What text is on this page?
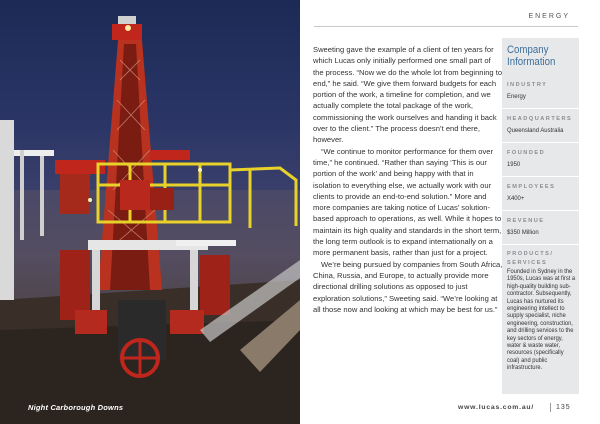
Night Carborough Downs
ENERGY

Sweeting gave the example of a client of ten years for which Lucas only initially performed one small part of the process. “Now we do the whole lot from beginning to end,” he said. “We give them forward budgets for each portion of the work, a timeline for completion, and we actually complete the total package of the work, commissioning the work ourselves and handing it back over to the client.” The process doesn’t end there, however.

“We continue to monitor performance for them over time,” he continued. “Rather than saying ‘This is our portion of the work’ and being happy with that in isolation to everything else, we actually work with our clients to provide an end-to-end solution.” More and more companies are taking notice of Lucas’ solution-based approach to operations, as well. While it hopes to maintain its high quality and standards in the short term, the long term outlook is to expand internationally on a more permanent basis, rather than just for a project.

We’re being pursued by companies from South Africa, China, Russia, and Europe, to actually provide more directional drilling solutions as opposed to just exploration solutions,” Sweeting said. “We’re looking at all those now and looking at which may be best for us.”

Company Information
INDUSTRY
Energy
HEADQUARTERS
Queensland Australia
FOUNDED
1950
EMPLOYEES
X400+
REVENUE
$350 Million
PRODUCTS/ SERVICES
Founded in Sydney in the 1950s, Lucas was at first a high-quality building sub-contractor. Subsequently, Lucas has nurtured its engineering intellect to supply specialist, niche engineering, construction, and drilling services to the key sectors of energy, water & waste water, resources (specifically coal) and public infrastructure.
www.lucas.com.au/	135
